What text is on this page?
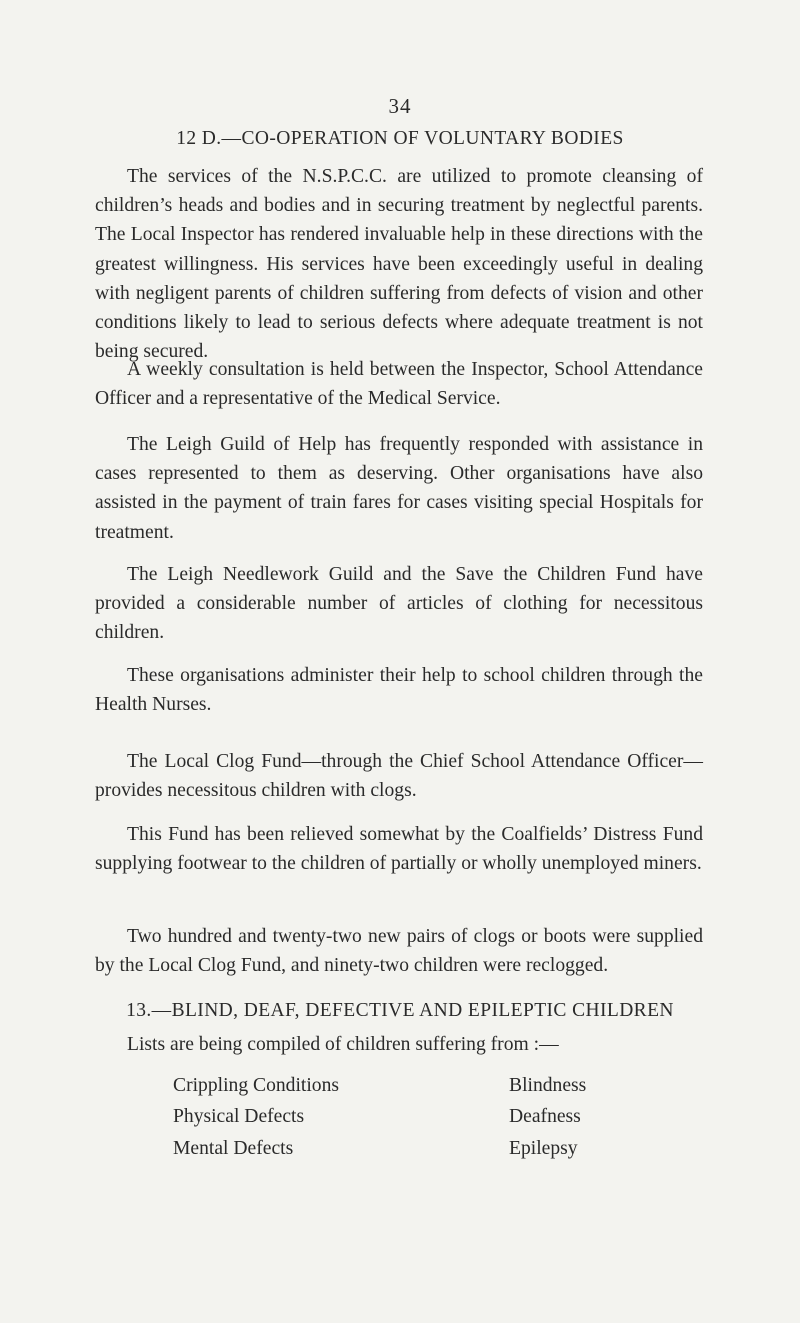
34
12 D.—CO-OPERATION OF VOLUNTARY BODIES

The services of the N.S.P.C.C. are utilized to promote cleansing of children’s heads and bodies and in securing treatment by neglectful parents. The Local Inspector has rendered invaluable help in these directions with the greatest willingness. His services have been exceedingly useful in dealing with negligent parents of children suffering from defects of vision and other conditions likely to lead to serious defects where adequate treatment is not being secured.

A weekly consultation is held between the Inspector, School Attendance Officer and a representative of the Medical Service.

The Leigh Guild of Help has frequently responded with assistance in cases represented to them as deserving. Other organisations have also assisted in the payment of train fares for cases visiting special Hospitals for treatment.

The Leigh Needlework Guild and the Save the Children Fund have provided a considerable number of articles of clothing for necessitous children.

These organisations administer their help to school children through the Health Nurses.

The Local Clog Fund—through the Chief School Attendance Officer—provides necessitous children with clogs.

This Fund has been relieved somewhat by the Coalfields’ Distress Fund supplying footwear to the children of partially or wholly unemployed miners.

Two hundred and twenty-two new pairs of clogs or boots were supplied by the Local Clog Fund, and ninety-two children were reclogged.

13.—BLIND, DEAF, DEFECTIVE AND EPILEPTIC CHILDREN

Lists are being compiled of children suffering from :—

Crippling Conditions
Physical Defects
Mental Defects
Blindness
Deafness
Epilepsy
